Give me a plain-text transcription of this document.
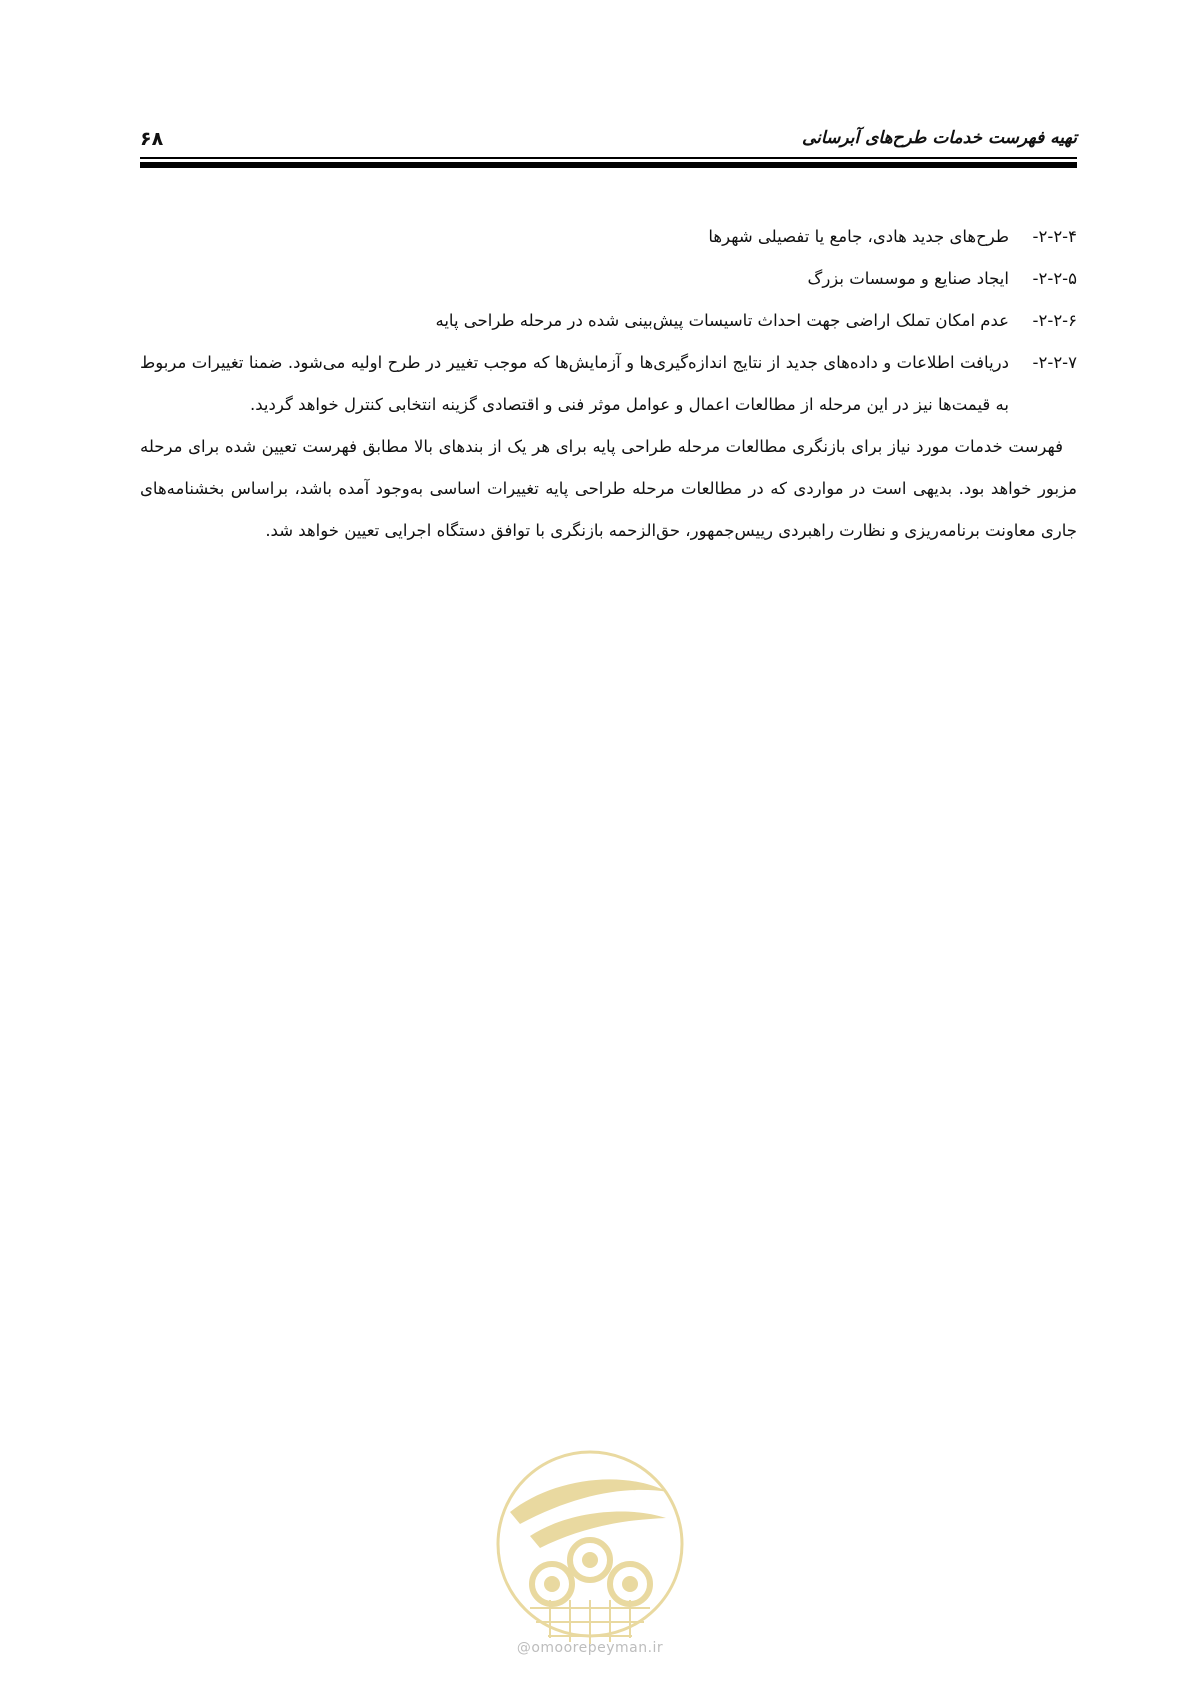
تهیه فهرست خدمات طرح‌های آبرسانی
۶۸
۲-۲-۴-
طرح‌های جدید هادی، جامع یا تفصیلی شهرها
۲-۲-۵-
ایجاد صنایع و موسسات بزرگ
۲-۲-۶-
عدم امکان تملک اراضی جهت احداث تاسیسات پیش‌بینی شده در مرحله طراحی پایه
۲-۲-۷-
دریافت اطلاعات و داده‌های جدید از نتایج اندازه‌گیری‌ها و آزمایش‌ها که موجب تغییر در طرح اولیه می‌شود. ضمنا تغییرات مربوط به قیمت‌ها نیز در این مرحله از مطالعات اعمال و عوامل موثر فنی و اقتصادی گزینه انتخابی کنترل خواهد گردید.

فهرست خدمات مورد نیاز برای بازنگری مطالعات مرحله طراحی پایه برای هر یک از بندهای بالا مطابق فهرست تعیین شده برای مرحله مزبور خواهد بود. بدیهی است در مواردی که در مطالعات مرحله طراحی پایه تغییرات اساسی به‌وجود آمده باشد، براساس بخشنامه‌های جاری معاونت برنامه‌ریزی و نظارت راهبردی رییس‌جمهور، حق‌الزحمه بازنگری با توافق دستگاه اجرایی تعیین خواهد شد.

@omoorepeyman.ir
